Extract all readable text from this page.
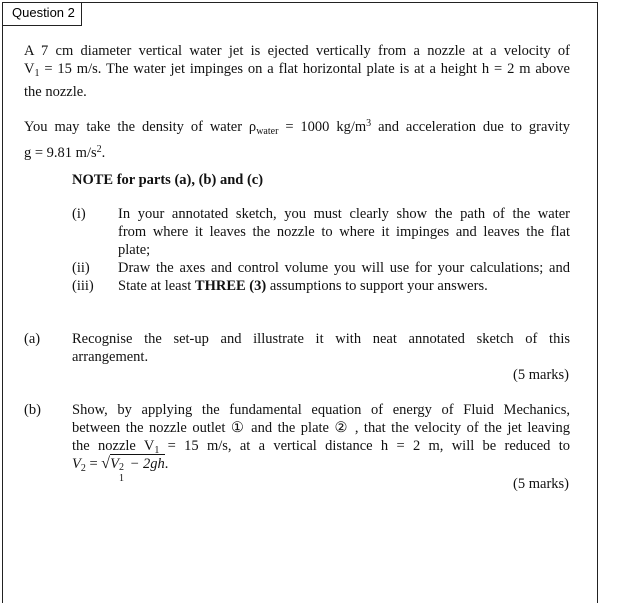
Question 2
A 7 cm diameter vertical water jet is ejected vertically from a nozzle at a velocity of
$V_1 = 15$ m/s. The water jet impinges on a flat horizontal plate is at a height h = 2 m above
the nozzle.
You may take the density of water $\rho_{water} = 1000$ $kg/m^3$ and acceleration due to gravity
g = 9.81 $m/s^2$.
NOTE for parts (a), (b) and (c)
(i)	In your annotated sketch, you must clearly show the path of the water
from where it leaves the nozzle to where it impinges and leaves the flat
plate;
(ii)	Draw the axes and control volume you will use for your calculations; and
(iii)	State at least THREE (3) assumptions to support your answers.
(a) Recognise the set-up and illustrate it with neat annotated sketch of this
arrangement.
(5 marks)
(b) Show, by applying the fundamental equation of energy of Fluid Mechanics,
between the nozzle outlet ① and the plate ② , that the velocity of the jet leaving
the nozzle $V_1 = 15$ m/s, at a vertical distance h = 2 m, will be reduced to
$V_2 = √V$ 2
1
− 2gh.
(5 marks)
